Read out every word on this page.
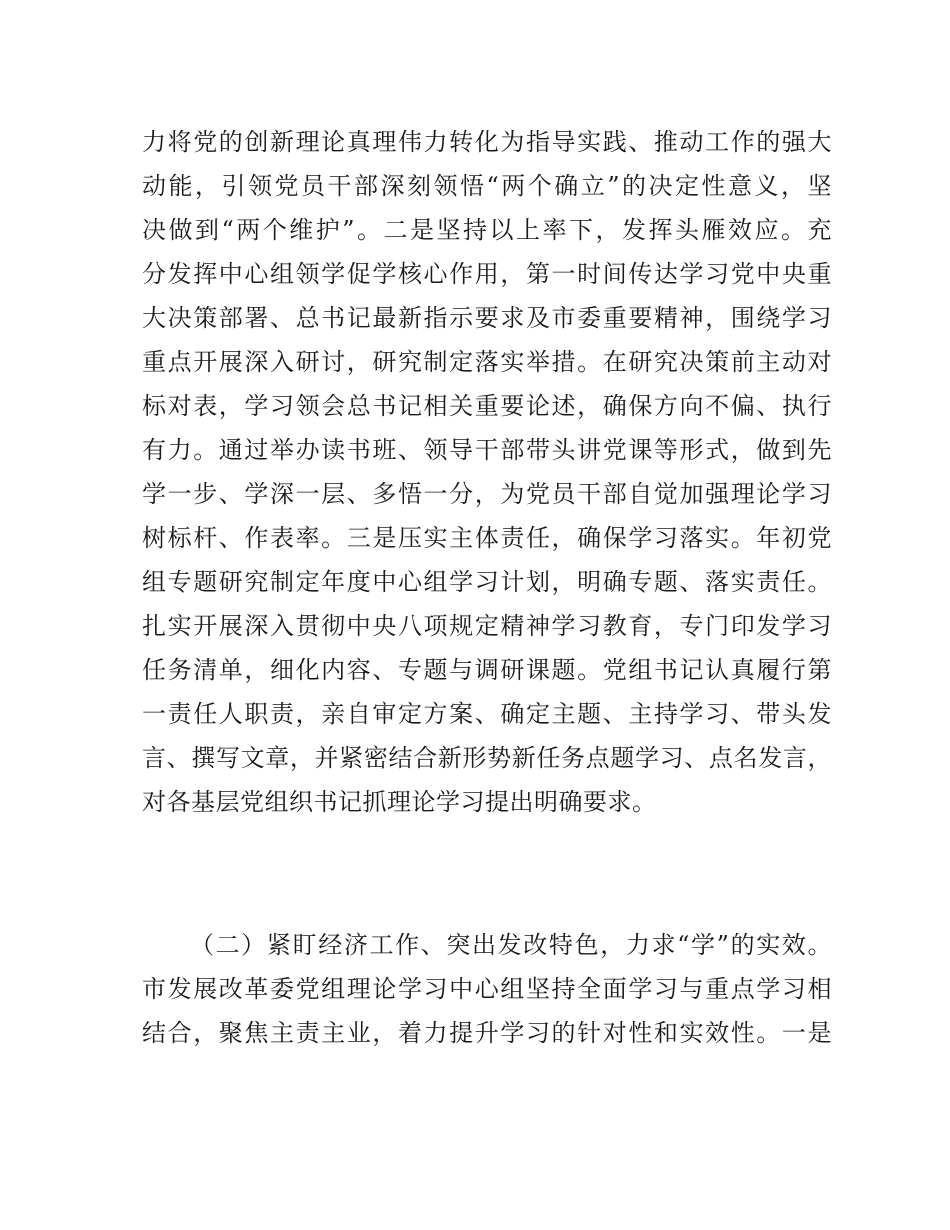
力将党的创新理论真理伟力转化为指导实践、推动工作的强大
动能，引领党员干部深刻领悟“两个确立”的决定性意义，坚
决做到“两个维护”。二是坚持以上率下，发挥头雁效应。充
分发挥中心组领学促学核心作用，第一时间传达学习党中央重
大决策部署、总书记最新指示要求及市委重要精神，围绕学习
重点开展深入研讨，研究制定落实举措。在研究决策前主动对
标对表，学习领会总书记相关重要论述，确保方向不偏、执行
有力。通过举办读书班、领导干部带头讲党课等形式，做到先
学一步、学深一层、多悟一分，为党员干部自觉加强理论学习
树标杆、作表率。三是压实主体责任，确保学习落实。年初党
组专题研究制定年度中心组学习计划，明确专题、落实责任。
扎实开展深入贯彻中央八项规定精神学习教育，专门印发学习
任务清单，细化内容、专题与调研课题。党组书记认真履行第
一责任人职责，亲自审定方案、确定主题、主持学习、带头发
言、撰写文章，并紧密结合新形势新任务点题学习、点名发言，
对各基层党组织书记抓理论学习提出明确要求。
（二）紧盯经济工作、突出发改特色，力求“学”的实效。
市发展改革委党组理论学习中心组坚持全面学习与重点学习相
结合，聚焦主责主业，着力提升学习的针对性和实效性。一是
